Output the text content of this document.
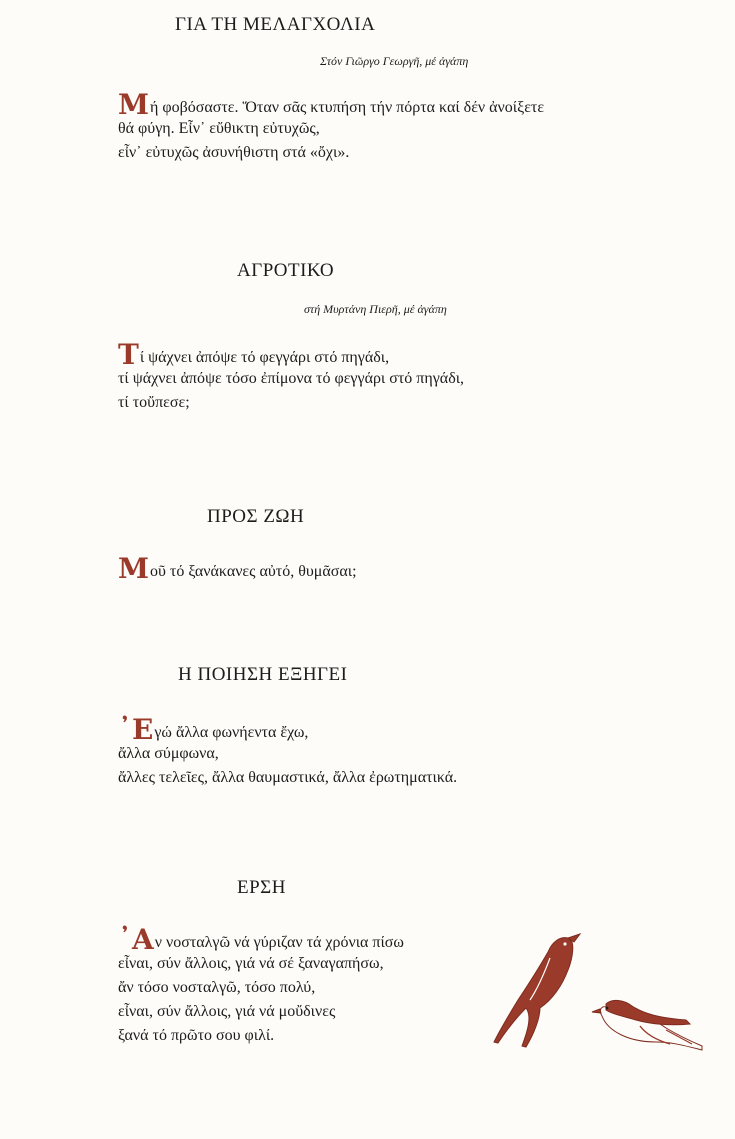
ΓΙΑ ΤΗ ΜΕΛΑΓΧΟΛΙΑ
Στόν Γιῶργο Γεωργῆ, μέ ἀγάπη
Μή φοβόσαστε. Ὅταν σᾶς κτυπήση τήν πόρτα καί δέν ἀνοίξετε
θά φύγη. Εἶν᾽ εὔθικτη εὐτυχῶς,
εἶν᾽ εὐτυχῶς ἀσυνήθιστη στά «ὄχι».
ΑΓΡΟΤΙΚΟ
στή Μυρτάνη Πιερῆ, μέ ἀγάπη
Τί ψάχνει ἀπόψε τό φεγγάρι στό πηγάδι,
τί ψάχνει ἀπόψε τόσο ἐπίμονα τό φεγγάρι στό πηγάδι,
τί τοὔπεσε;
ΠΡΟΣ ΖΩΗ
Μοῦ τό ξανάκανες αὐτό, θυμᾶσαι;
Η ΠΟΙΗΣΗ ΕΞΗΓΕΙ
᾽Εγώ ἄλλα φωνήεντα ἔχω,
ἄλλα σύμφωνα,
ἄλλες τελεῖες, ἄλλα θαυμαστικά, ἄλλα ἐρωτηματικά.
ΕΡΣΗ
᾽Αν νοσταλγῶ νά γύριζαν τά χρόνια πίσω
εἶναι, σύν ἄλλοις, γιά νά σέ ξαναγαπήσω,
ἄν τόσο νοσταλγῶ, τόσο πολύ,
εἶναι, σύν ἄλλοις, γιά νά μοὔδινες
ξανά τό πρῶτο σου φιλί.
